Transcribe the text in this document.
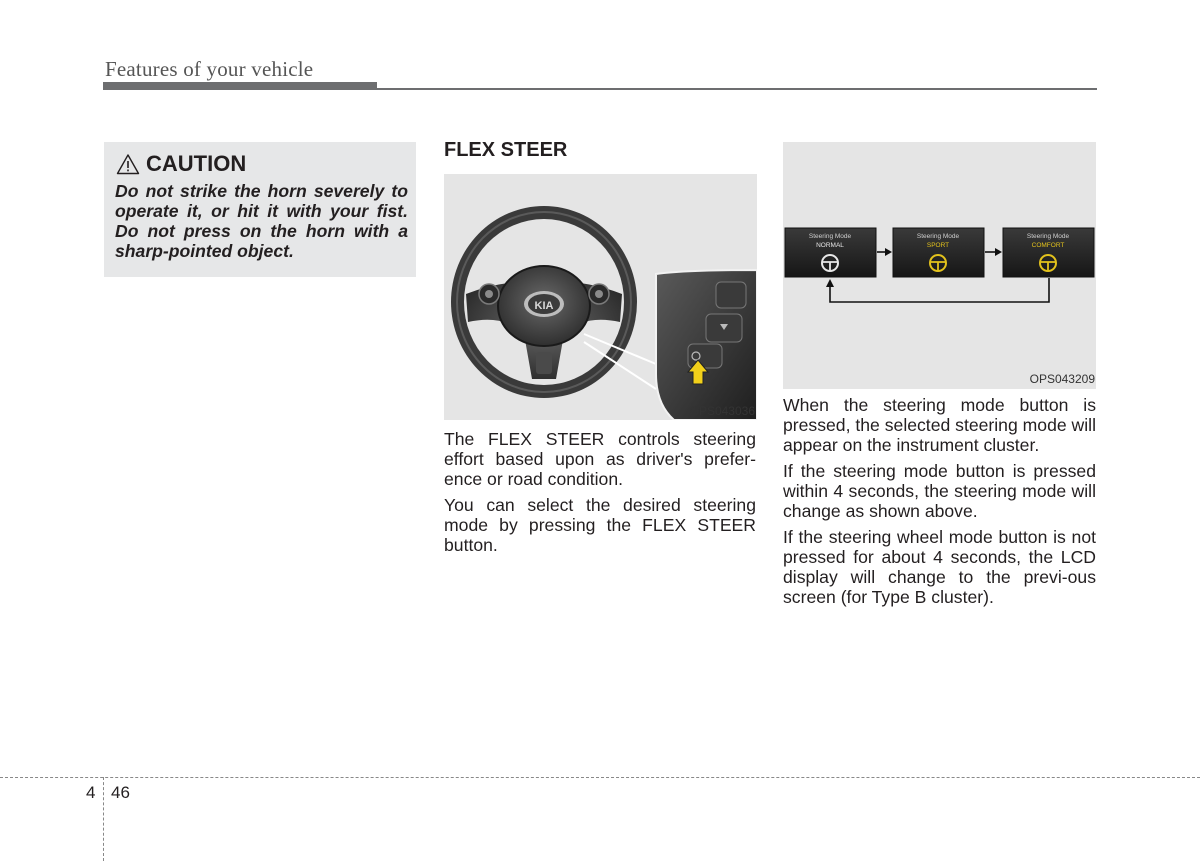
Features of your vehicle
CAUTION
Do not strike the horn severely to operate it, or hit it with your fist. Do not press on the horn with a sharp-pointed object.
FLEX STEER
KIA
OPS043036
Steering Mode
NORMAL
Steering Mode
SPORT
Steering Mode
COMFORT
OPS043209

The FLEX STEER controls steering effort based upon as driver's prefer-ence or road condition.

You can select the desired steering mode by pressing the FLEX STEER button.

When the steering mode button is pressed, the selected steering mode will appear on the instrument cluster.

If the steering mode button is pressed within 4 seconds, the steering mode will change as shown above.

If the steering wheel mode button is not pressed for about 4 seconds, the LCD display will change to the previ-ous screen (for Type B cluster).

4 46
